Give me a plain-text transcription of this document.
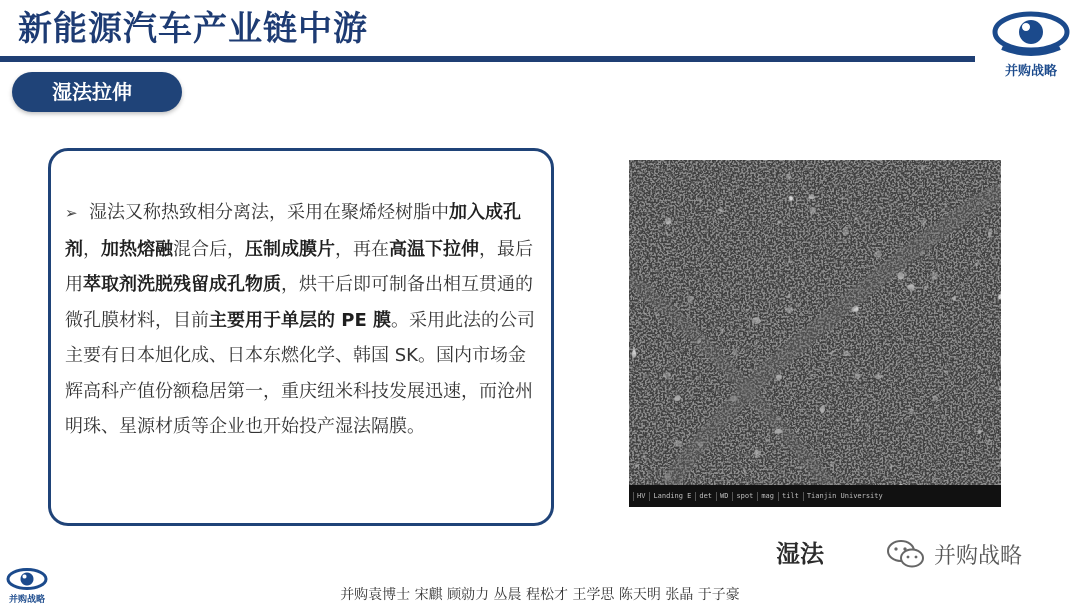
新能源汽车产业链中游
并购战略
湿法拉伸
➢ 湿法又称热致相分离法，采用在聚烯烃树脂中加入成孔剂，加热熔融混合后，压制成膜片，再在高温下拉伸，最后用萃取剂洗脱残留成孔物质，烘干后即可制备出相互贯通的微孔膜材料，目前主要用于单层的 PE 膜。采用此法的公司主要有日本旭化成、日本东燃化学、韩国 SK。国内市场金辉高科产值份额稳居第一，重庆纽米科技发展迅速，而沧州明珠、星源材质等企业也开始投产湿法隔膜。
HV	Landing E	det	WD	spot	mag	tilt	Tianjin University
湿法	并购战略
并购战略	并购袁博士 宋麒 顾勍力 丛晨 程松才 王学思 陈天明 张晶 于子豪
